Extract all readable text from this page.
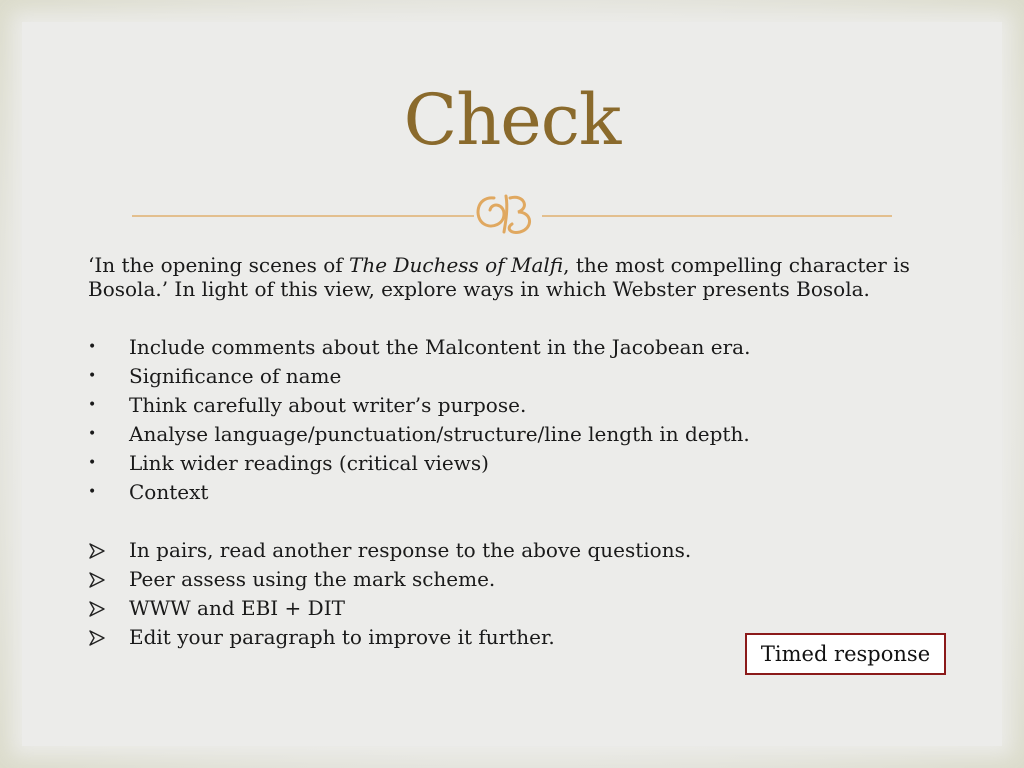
Check

‘In the opening scenes of The Duchess of Malfi, the most compelling character is

Bosola.’ In light of this view, explore ways in which Webster presents Bosola.

•	Include comments about the Malcontent in the Jacobean era.
•	Significance of name
•	Think carefully about writer’s purpose.
•	Analyse language/punctuation/structure/line length in depth.
•	Link wider readings (critical views)
•	Context
In pairs, read another response to the above questions.
Peer assess using the mark scheme.
WWW and EBI + DIT
Edit your paragraph to improve it further.
Timed response
